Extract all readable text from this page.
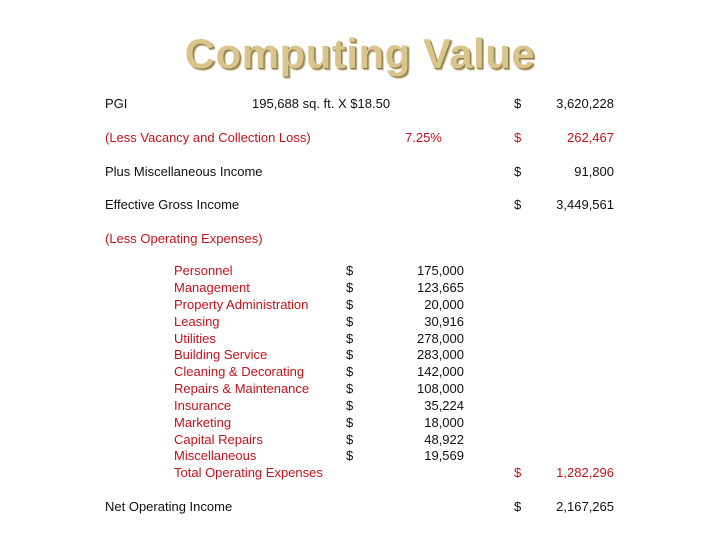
Computing Value
PGI	195,688 sq. ft. X $18.50	$	3,620,228
(Less Vacancy and Collection Loss)	7.25%	$	262,467
Plus Miscellaneous Income	$	91,800
Effective Gross Income	$	3,449,561
(Less Operating Expenses)
Personnel	$	175,000
Management	$	123,665
Property Administration	$	20,000
Leasing	$	30,916
Utilities	$	278,000
Building Service	$	283,000
Cleaning & Decorating	$	142,000
Repairs & Maintenance	$	108,000
Insurance	$	35,224
Marketing	$	18,000
Capital Repairs	$	48,922
Miscellaneous	$	19,569
Total Operating Expenses	$	1,282,296
Net Operating Income	$	2,167,265
